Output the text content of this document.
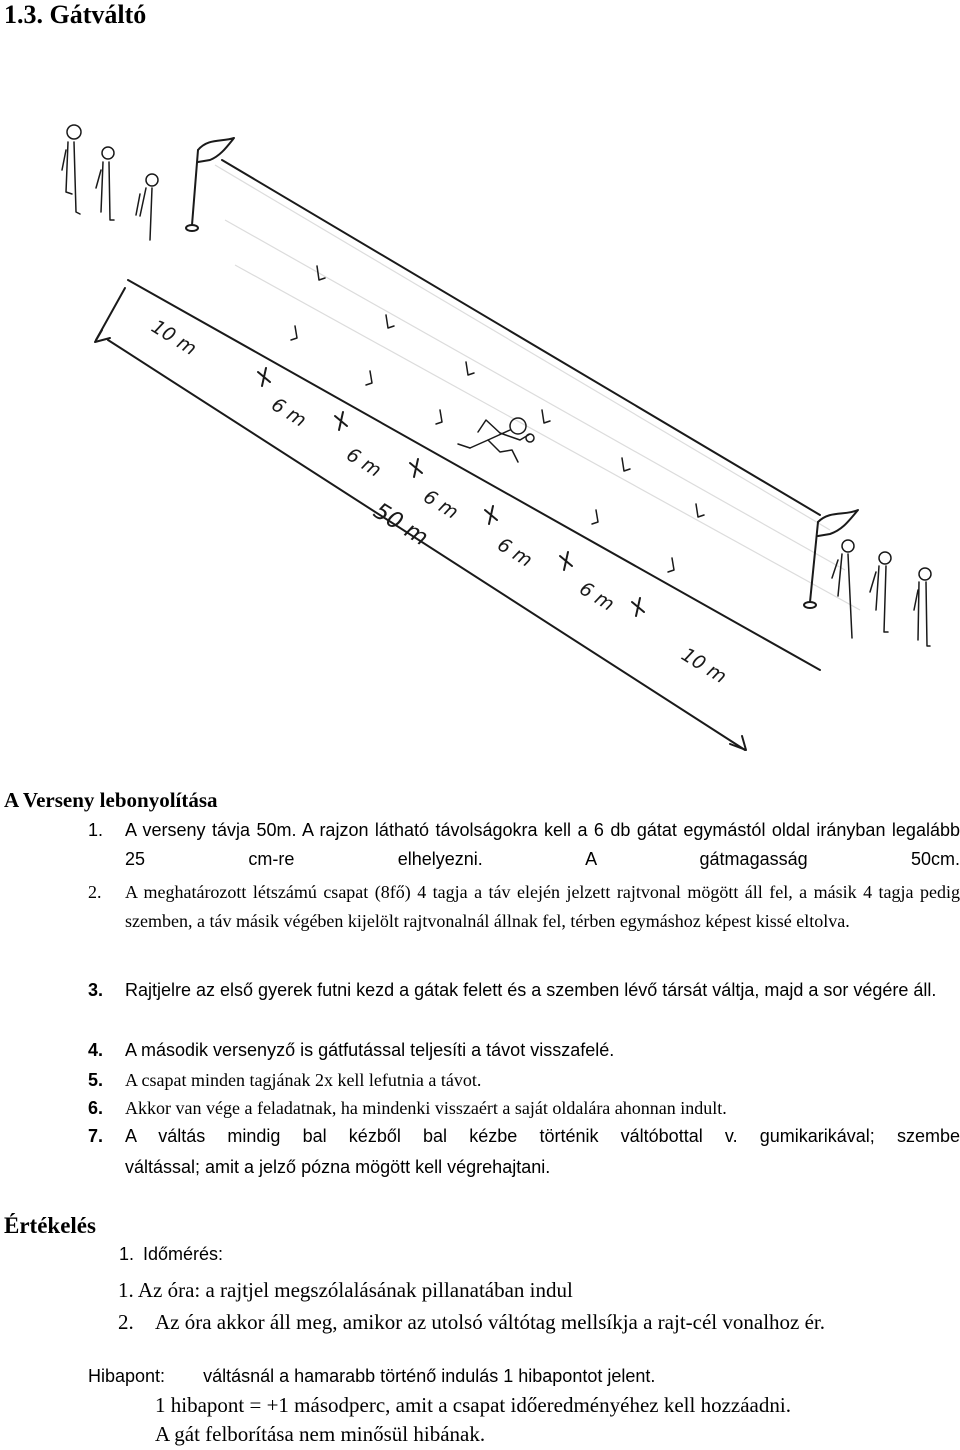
1.3. Gátváltó
10 m
6 m
6 m
6 m
50 m
6 m
6 m
10 m
A Verseny lebonyolítása
1.	A verseny távja 50m. A rajzon látható távolságokra kell a 6 db gátat egymástól oldal irányban legalább 25 cm-re elhelyezni. A gátmagasság 50cm.
2.	A meghatározott létszámú csapat (8fő) 4 tagja a táv elején jelzett rajtvonal mögött áll fel, a másik 4 tagja pedig szemben, a táv másik végében kijelölt rajtvonalnál állnak fel, térben egymáshoz képest kissé eltolva.
3.	Rajtjelre az első gyerek futni kezd a gátak felett és a szemben lévő társát váltja, majd a sor végére áll.
4.	A második versenyző is gátfutással teljesíti a távot visszafelé.
5.	A csapat minden tagjának 2x kell lefutnia a távot.
6.	Akkor van vége a feladatnak, ha mindenki visszaért a saját oldalára ahonnan indult.
7.	A váltás mindig bal kézből bal kézbe történik váltóbottal v. gumikarikával; szembe
váltással; amit a jelző pózna mögött kell végrehajtani.
Értékelés
1. Időmérés:
1. Az óra: a rajtjel megszólalásának pillanatában indul
2. Az óra akkor áll meg, amikor az utolsó váltótag mellsíkja a rajt-cél vonalhoz ér.
Hibapont: váltásnál a hamarabb történő indulás 1 hibapontot jelent.
1 hibapont = +1 másodperc, amit a csapat időeredményéhez kell hozzáadni.
A gát felborítása nem minősül hibának.
